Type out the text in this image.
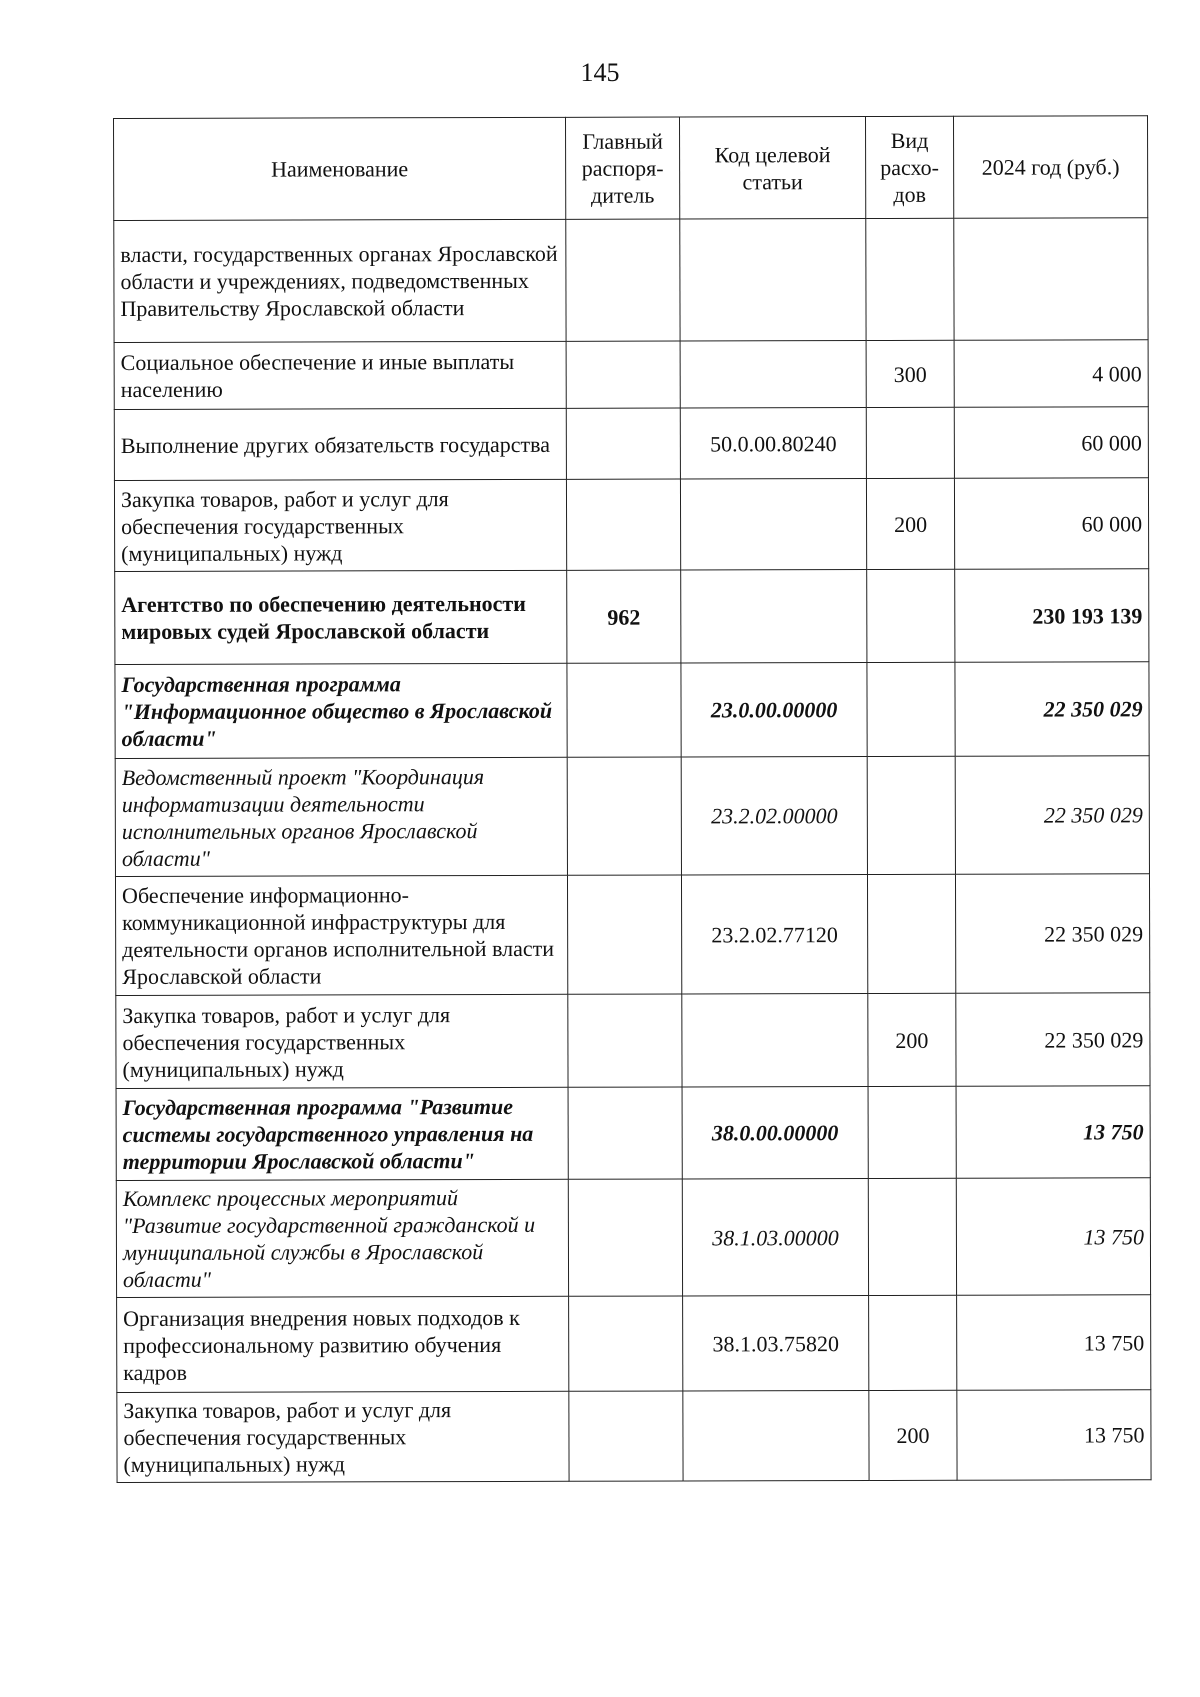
145
Наименование	Главный распоря-дитель	Код целевой статьи	Вид расхо-дов	2024 год (руб.)
власти, государственных органах Ярославской области и учреждениях, подведомственных Правительству Ярославской области				
Социальное обеспечение и иные выплаты населению			300	4 000
Выполнение других обязательств государства		50.0.00.80240		60 000
Закупка товаров, работ и услуг для обеспечения государственных (муниципальных) нужд			200	60 000
Агентство по обеспечению деятельности мировых судей Ярославской области	962			230 193 139
Государственная программа "Информационное общество в Ярославской области"		23.0.00.00000		22 350 029
Ведомственный проект "Координация информатизации деятельности исполнительных органов Ярославской области"		23.2.02.00000		22 350 029
Обеспечение информационно-коммуникационной инфраструктуры для деятельности органов исполнительной власти Ярославской области		23.2.02.77120		22 350 029
Закупка товаров, работ и услуг для обеспечения государственных (муниципальных) нужд			200	22 350 029
Государственная программа "Развитие системы государственного управления на территории Ярославской области"		38.0.00.00000		13 750
Комплекс процессных мероприятий "Развитие государственной гражданской и муниципальной службы в Ярославской области"		38.1.03.00000		13 750
Организация внедрения новых подходов к профессиональному развитию обучения кадров		38.1.03.75820		13 750
Закупка товаров, работ и услуг для обеспечения государственных (муниципальных) нужд			200	13 750
